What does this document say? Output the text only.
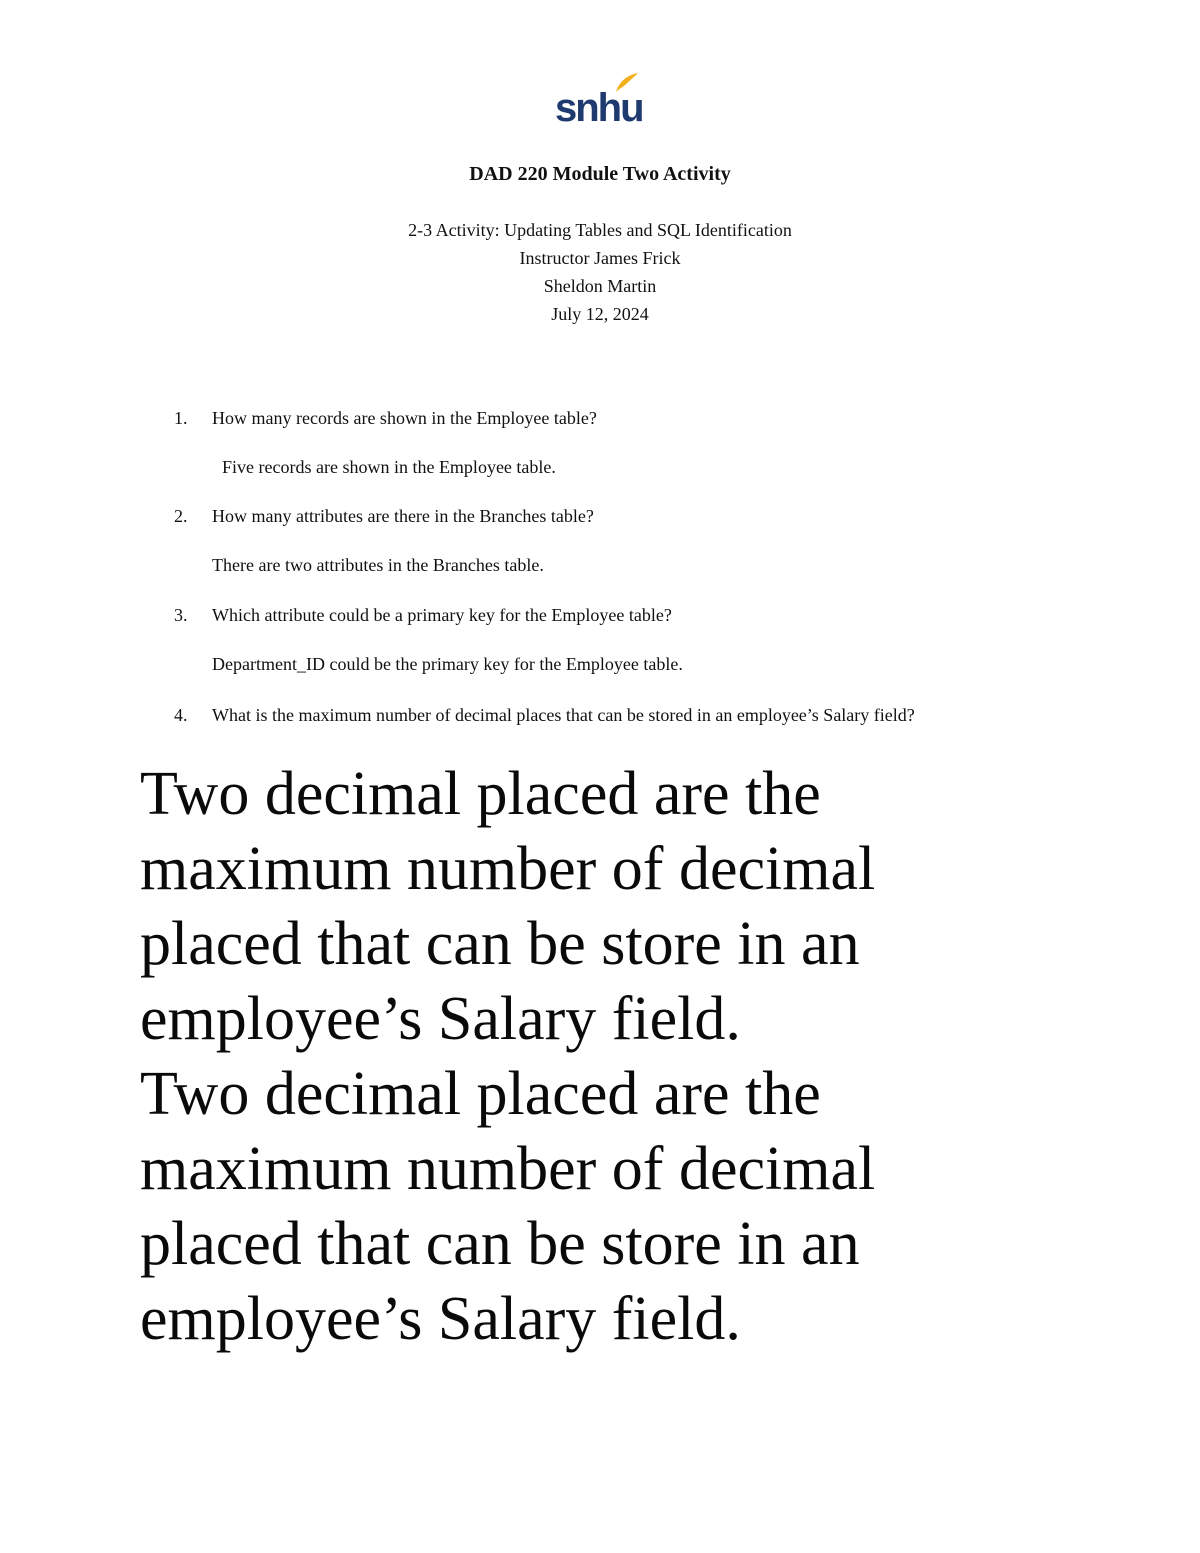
snhu
DAD 220 Module Two Activity
2-3 Activity: Updating Tables and SQL Identification
Instructor James Frick
Sheldon Martin
July 12, 2024
1. How many records are shown in the Employee table?
Five records are shown in the Employee table.
2. How many attributes are there in the Branches table?
There are two attributes in the Branches table.
3. Which attribute could be a primary key for the Employee table?
Department_ID could be the primary key for the Employee table.
4. What is the maximum number of decimal places that can be stored in an employee’s Salary field?

Two decimal placed are the

maximum number of decimal

placed that can be store in an

employee’s Salary field.

Two decimal placed are the

maximum number of decimal

placed that can be store in an

employee’s Salary field.
